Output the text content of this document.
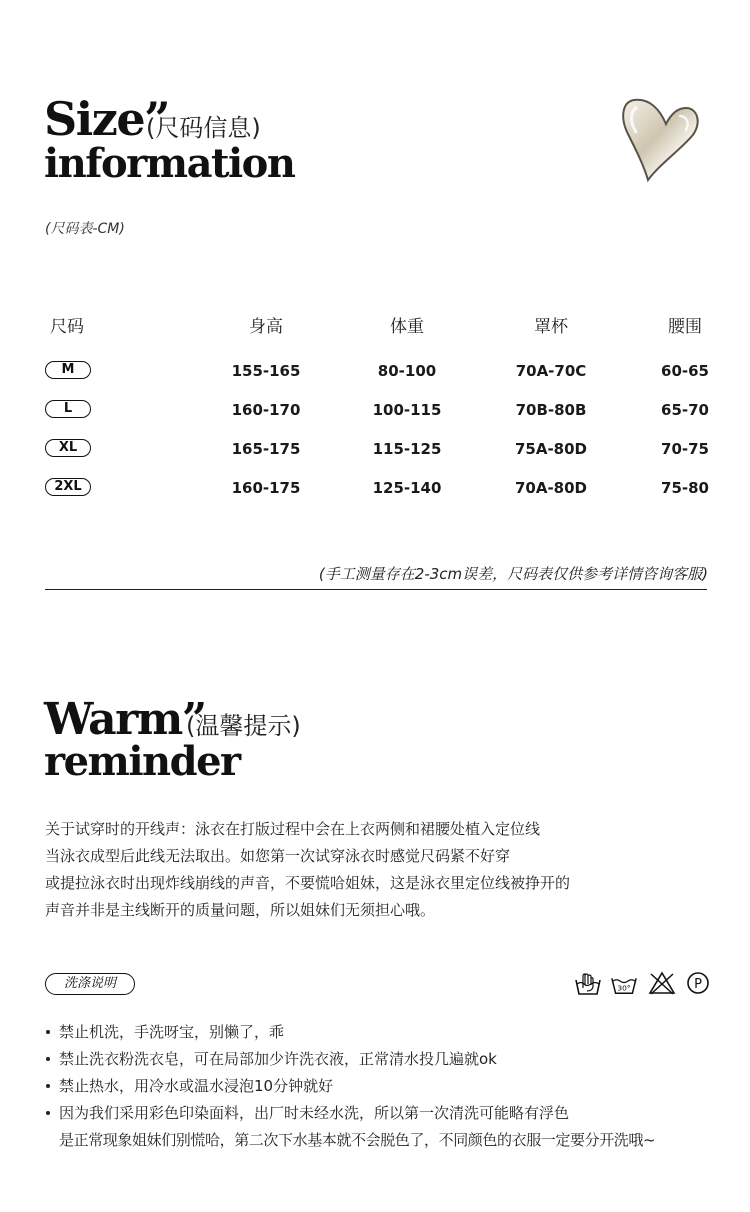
Size”
(尺码信息)
information
(尺码表-CM)
尺码	身高	体重	罩杯	腰围
M	155-165	80-100	70A-70C	60-65
L	160-170	100-115	70B-80B	65-70
XL	165-175	115-125	75A-80D	70-75
2XL	160-175	125-140	70A-80D	75-80
(手工测量存在2-3cm误差，尺码表仅供参考详情咨询客服)
Warm”
(温馨提示)
reminder
关于试穿时的开线声：泳衣在打版过程中会在上衣两侧和裙腰处植入定位线
当泳衣成型后此线无法取出。如您第一次试穿泳衣时感觉尺码紧不好穿
或提拉泳衣时出现炸线崩线的声音，不要慌哈姐妹，这是泳衣里定位线被挣开的
声音并非是主线断开的质量问题，所以姐妹们无须担心哦。
洗涤说明	30°	P
禁止机洗，手洗呀宝，别懒了，乖
禁止洗衣粉洗衣皂，可在局部加少许洗衣液，正常清水投几遍就ok
禁止热水，用冷水或温水浸泡10分钟就好
因为我们采用彩色印染面料，出厂时未经水洗，所以第一次清洗可能略有浮色
是正常现象姐妹们别慌哈，第二次下水基本就不会脱色了，不同颜色的衣服一定要分开洗哦~
